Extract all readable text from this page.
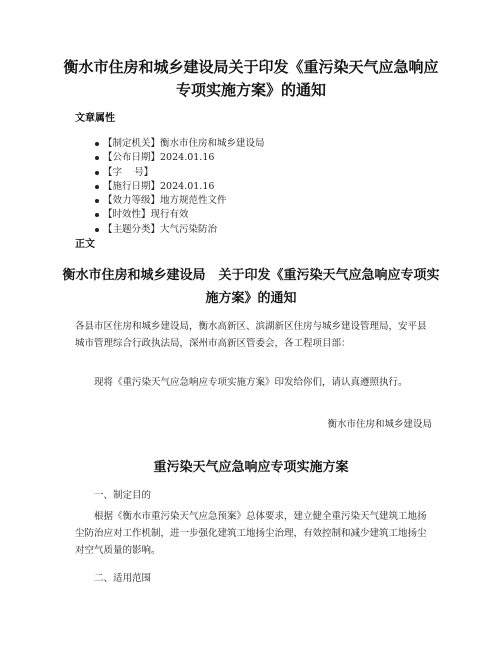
衡水市住房和城乡建设局关于印发《重污染天气应急响应专项实施方案》的通知

文章属性

【制定机关】衡水市住房和城乡建设局
【公布日期】2024.01.16
【字    号】
【施行日期】2024.01.16
【效力等级】地方规范性文件
【时效性】现行有效
【主题分类】大气污染防治

正文

衡水市住房和城乡建设局　关于印发《重污染天气应急响应专项实施方案》的通知

各县市区住房和城乡建设局，衡水高新区、滨湖新区住房与城乡建设管理局，安平县城市管理综合行政执法局，深州市高新区管委会，各工程项目部：

现将《重污染天气应急响应专项实施方案》印发给你们，请认真遵照执行。

衡水市住房和城乡建设局

重污染天气应急响应专项实施方案

一、制定目的

根据《衡水市重污染天气应急预案》总体要求，建立健全重污染天气建筑工地扬尘防治应对工作机制，进一步强化建筑工地扬尘治理，有效控制和减少建筑工地扬尘对空气质量的影响。

二、适用范围
